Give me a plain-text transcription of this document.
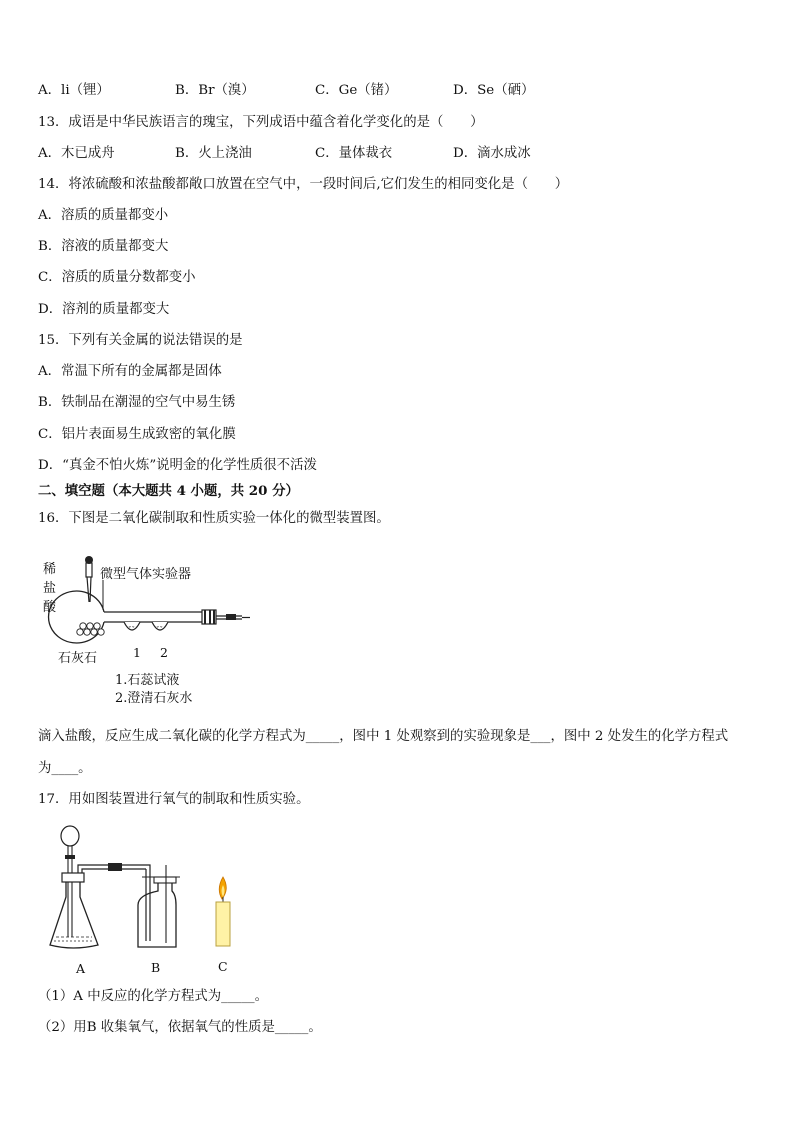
A．li（锂）	B．Br（溴）	C．Ge（锗）	D．Se（硒）
13．成语是中华民族语言的瑰宝，下列成语中蕴含着化学变化的是（　　）
A．木已成舟	B．火上浇油	C．量体裁衣	D．滴水成冰
14．将浓硫酸和浓盐酸都敞口放置在空气中，一段时间后,它们发生的相同变化是（　　）
A．溶质的质量都变小
B．溶液的质量都变大
C．溶质的质量分数都变小
D．溶剂的质量都变大
15．下列有关金属的说法错误的是
A．常温下所有的金属都是固体
B．铁制品在潮湿的空气中易生锈
C．铝片表面易生成致密的氧化膜
D．“真金不怕火炼”说明金的化学性质很不活泼
二、填空题（本大题共 4 小题，共 20 分）
16．下图是二氧化碳制取和性质实验一体化的微型装置图。
ˇˇ	ˇˇ
稀
盐
酸
微型气体实验器
石灰石	1 2
1.石蕊试液
2.澄清石灰水
滴入盐酸，反应生成二氧化碳的化学方程式为_____，图中 1 处观察到的实验现象是___，图中 2 处发生的化学方程式
为____。
17．用如图装置进行氧气的制取和性质实验。
A	B	C
（1）A 中反应的化学方程式为_____。
（2）用B 收集氧气，依据氧气的性质是_____。
